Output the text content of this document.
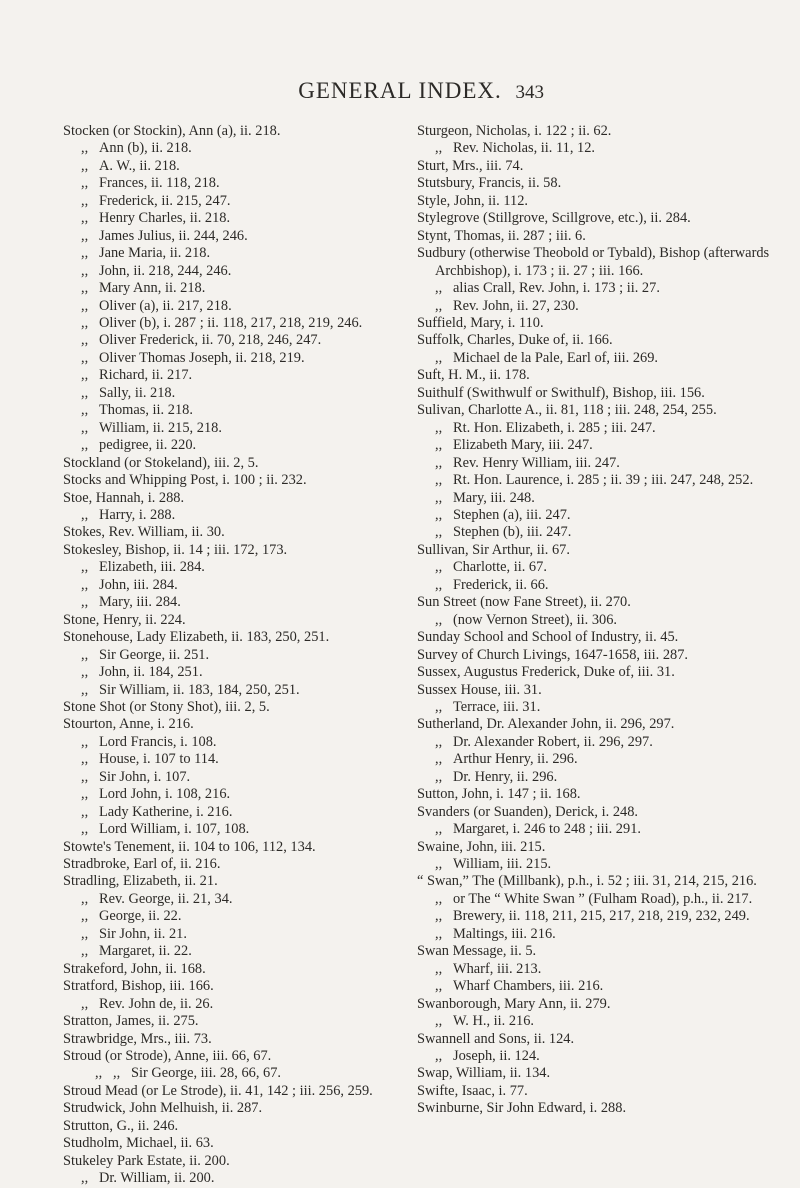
GENERAL INDEX. 343
Stocken (or Stockin), Ann (a), ii. 218.
,, Ann (b), ii. 218.
,, A. W., ii. 218.
,, Frances, ii. 118, 218.
,, Frederick, ii. 215, 247.
,, Henry Charles, ii. 218.
,, James Julius, ii. 244, 246.
,, Jane Maria, ii. 218.
,, John, ii. 218, 244, 246.
,, Mary Ann, ii. 218.
,, Oliver (a), ii. 217, 218.
,, Oliver (b), i. 287 ; ii. 118, 217, 218, 219, 246.
,, Oliver Frederick, ii. 70, 218, 246, 247.
,, Oliver Thomas Joseph, ii. 218, 219.
,, Richard, ii. 217.
,, Sally, ii. 218.
,, Thomas, ii. 218.
,, William, ii. 215, 218.
,, pedigree, ii. 220.
Stockland (or Stokeland), iii. 2, 5.
Stocks and Whipping Post, i. 100 ; ii. 232.
Stoe, Hannah, i. 288.
,, Harry, i. 288.
Stokes, Rev. William, ii. 30.
Stokesley, Bishop, ii. 14 ; iii. 172, 173.
,, Elizabeth, iii. 284.
,, John, iii. 284.
,, Mary, iii. 284.
Stone, Henry, ii. 224.
Stonehouse, Lady Elizabeth, ii. 183, 250, 251.
,, Sir George, ii. 251.
,, John, ii. 184, 251.
,, Sir William, ii. 183, 184, 250, 251.
Stone Shot (or Stony Shot), iii. 2, 5.
Stourton, Anne, i. 216.
,, Lord Francis, i. 108.
,, House, i. 107 to 114.
,, Sir John, i. 107.
,, Lord John, i. 108, 216.
,, Lady Katherine, i. 216.
,, Lord William, i. 107, 108.
Stowte's Tenement, ii. 104 to 106, 112, 134.
Stradbroke, Earl of, ii. 216.
Stradling, Elizabeth, ii. 21.
,, Rev. George, ii. 21, 34.
,, George, ii. 22.
,, Sir John, ii. 21.
,, Margaret, ii. 22.
Strakeford, John, ii. 168.
Stratford, Bishop, iii. 166.
,, Rev. John de, ii. 26.
Stratton, James, ii. 275.
Strawbridge, Mrs., iii. 73.
Stroud (or Strode), Anne, iii. 66, 67.
,, ,, Sir George, iii. 28, 66, 67.
Stroud Mead (or Le Strode), ii. 41, 142 ; iii. 256, 259.
Strudwick, John Melhuish, ii. 287.
Strutton, G., ii. 246.
Studholm, Michael, ii. 63.
Stukeley Park Estate, ii. 200.
,, Dr. William, ii. 200.
Sturgeon, Nicholas, i. 122 ; ii. 62.
,, Rev. Nicholas, ii. 11, 12.
Sturt, Mrs., iii. 74.
Stutsbury, Francis, ii. 58.
Style, John, ii. 112.
Stylegrove (Stillgrove, Scillgrove, etc.), ii. 284.
Stynt, Thomas, ii. 287 ; iii. 6.
Sudbury (otherwise Theobold or Tybald), Bishop (afterwards Archbishop), i. 173 ; ii. 27 ; iii. 166.
,, alias Crall, Rev. John, i. 173 ; ii. 27.
,, Rev. John, ii. 27, 230.
Suffield, Mary, i. 110.
Suffolk, Charles, Duke of, ii. 166.
,, Michael de la Pale, Earl of, iii. 269.
Suft, H. M., ii. 178.
Suithulf (Swithwulf or Swithulf), Bishop, iii. 156.
Sulivan, Charlotte A., ii. 81, 118 ; iii. 248, 254, 255.
,, Rt. Hon. Elizabeth, i. 285 ; iii. 247.
,, Elizabeth Mary, iii. 247.
,, Rev. Henry William, iii. 247.
,, Rt. Hon. Laurence, i. 285 ; ii. 39 ; iii. 247, 248, 252.
,, Mary, iii. 248.
,, Stephen (a), iii. 247.
,, Stephen (b), iii. 247.
Sullivan, Sir Arthur, ii. 67.
,, Charlotte, ii. 67.
,, Frederick, ii. 66.
Sun Street (now Fane Street), ii. 270.
,, (now Vernon Street), ii. 306.
Sunday School and School of Industry, ii. 45.
Survey of Church Livings, 1647-1658, iii. 287.
Sussex, Augustus Frederick, Duke of, iii. 31.
Sussex House, iii. 31.
,, Terrace, iii. 31.
Sutherland, Dr. Alexander John, ii. 296, 297.
,, Dr. Alexander Robert, ii. 296, 297.
,, Arthur Henry, ii. 296.
,, Dr. Henry, ii. 296.
Sutton, John, i. 147 ; ii. 168.
Svanders (or Suanden), Derick, i. 248.
,, Margaret, i. 246 to 248 ; iii. 291.
Swaine, John, iii. 215.
,, William, iii. 215.
“ Swan,” The (Millbank), p.h., i. 52 ; iii. 31, 214, 215, 216.
,, or The “ White Swan ” (Fulham Road), p.h., ii. 217.
,, Brewery, ii. 118, 211, 215, 217, 218, 219, 232, 249.
,, Maltings, iii. 216.
Swan Message, ii. 5.
,, Wharf, iii. 213.
,, Wharf Chambers, iii. 216.
Swanborough, Mary Ann, ii. 279.
,, W. H., ii. 216.
Swannell and Sons, ii. 124.
,, Joseph, ii. 124.
Swap, William, ii. 134.
Swifte, Isaac, i. 77.
Swinburne, Sir John Edward, i. 288.
